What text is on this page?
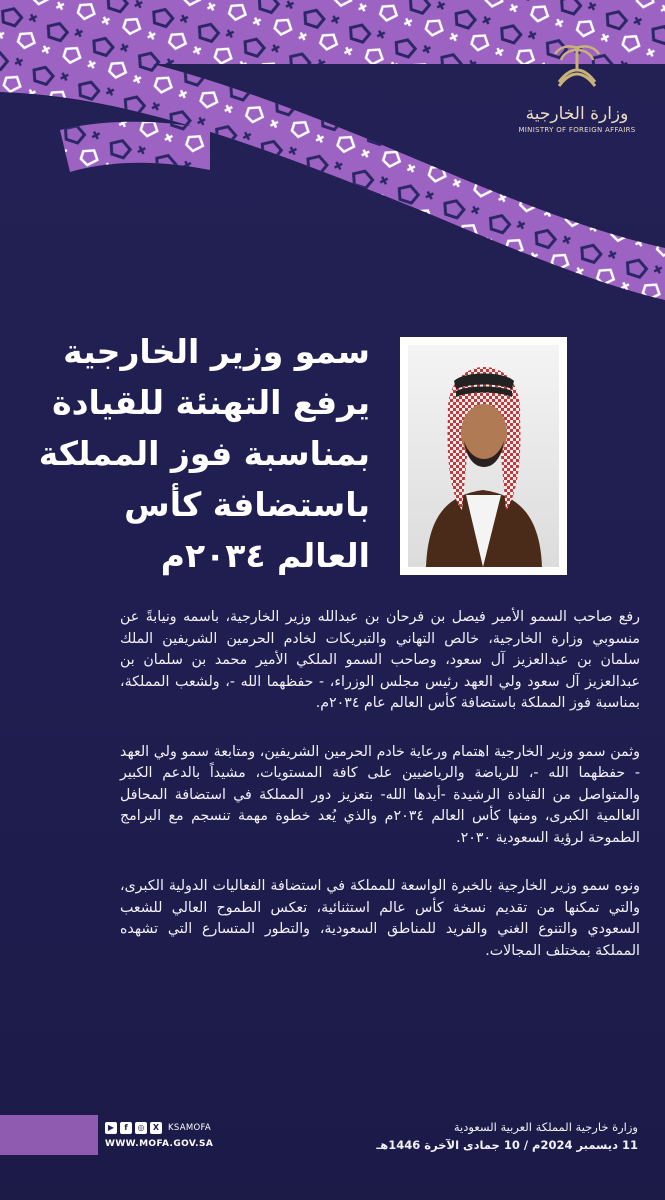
وزارة الخارجية
MINISTRY OF FOREIGN AFFAIRS
سمو وزير الخارجية
يرفع التهنئة للقيادة
بمناسبة فوز المملكة
باستضافة كأس
العالم ٢٠٣٤م

رفع صاحب السمو الأمير فيصل بن فرحان بن عبدالله وزير الخارجية، باسمه ونيابةً عن منسوبي وزارة الخارجية، خالص التهاني والتبريكات لخادم الحرمين الشريفين الملك سلمان بن عبدالعزيز آل سعود، وصاحب السمو الملكي الأمير محمد بن سلمان بن عبدالعزيز آل سعود ولي العهد رئيس مجلس الوزراء، - حفظهما الله -، ولشعب المملكة، بمناسبة فوز المملكة باستضافة كأس العالم عام ٢٠٣٤م.

وثمن سمو وزير الخارجية اهتمام ورعاية خادم الحرمين الشريفين، ومتابعة سمو ولي العهد - حفظهما الله -، للرياضة والرياضيين على كافة المستويات، مشيداً بالدعم الكبير والمتواصل من القيادة الرشيدة -أيدها الله- بتعزيز دور المملكة في استضافة المحافل العالمية الكبرى، ومنها كأس العالم ٢٠٣٤م والذي يُعد خطوة مهمة تنسجم مع البرامج الطموحة لرؤية السعودية ٢٠٣٠.

ونوه سمو وزير الخارجية بالخبرة الواسعة للمملكة في استضافة الفعاليات الدولية الكبرى، والتي تمكنها من تقديم نسخة كأس عالم استثنائية، تعكس الطموح العالي للشعب السعودي والتنوع الغني والفريد للمناطق السعودية، والتطور المتسارع التي تشهده المملكة بمختلف المجالات.

▶	f	◎	X	KSAMOFA
WWW.MOFA.GOV.SA
وزارة خارجية المملكة العربية السعودية
11 ديسمبر 2024م / 10 جمادى الآخرة 1446هـ
